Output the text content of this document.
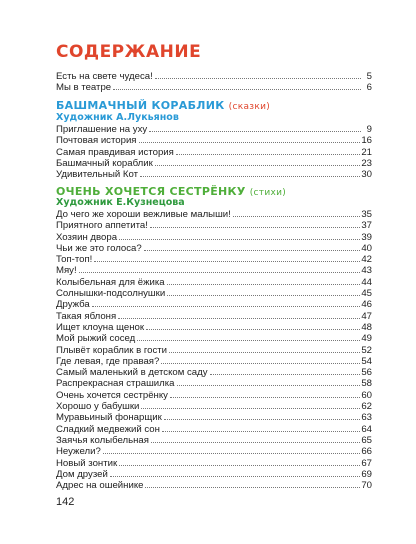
СОДЕРЖАНИЕ
Есть на свете чудеса!	5
Мы в театре	6
БАШМАЧНЫЙ КОРАБЛИК (сказки)
Художник А.Лукьянов
Приглашение на уху	9
Почтовая история	16
Самая правдивая история	21
Башмачный кораблик	23
Удивительный Кот	30
ОЧЕНЬ ХОЧЕТСЯ СЕСТРЁНКУ (стихи)
Художник Е.Кузнецова
До чего же хороши вежливые малыши!	35
Приятного аппетита!	37
Хозяин двора	39
Чьи же это голоса?	40
Топ-топ!	42
Мяу!	43
Колыбельная для ёжика	44
Солнышки-подсолнушки	45
Дружба	46
Такая яблоня	47
Ищет клоуна щенок	48
Мой рыжий сосед	49
Плывёт кораблик в гости	52
Где левая, где правая?	54
Самый маленький в детском саду	56
Распрекрасная страшилка	58
Очень хочется сестрёнку	60
Хорошо у бабушки	62
Муравьиный фонарщик	63
Сладкий медвежий сон	64
Заячья колыбельная	65
Неужели?	66
Новый зонтик	67
Дом друзей	69
Адрес на ошейнике	70
142
